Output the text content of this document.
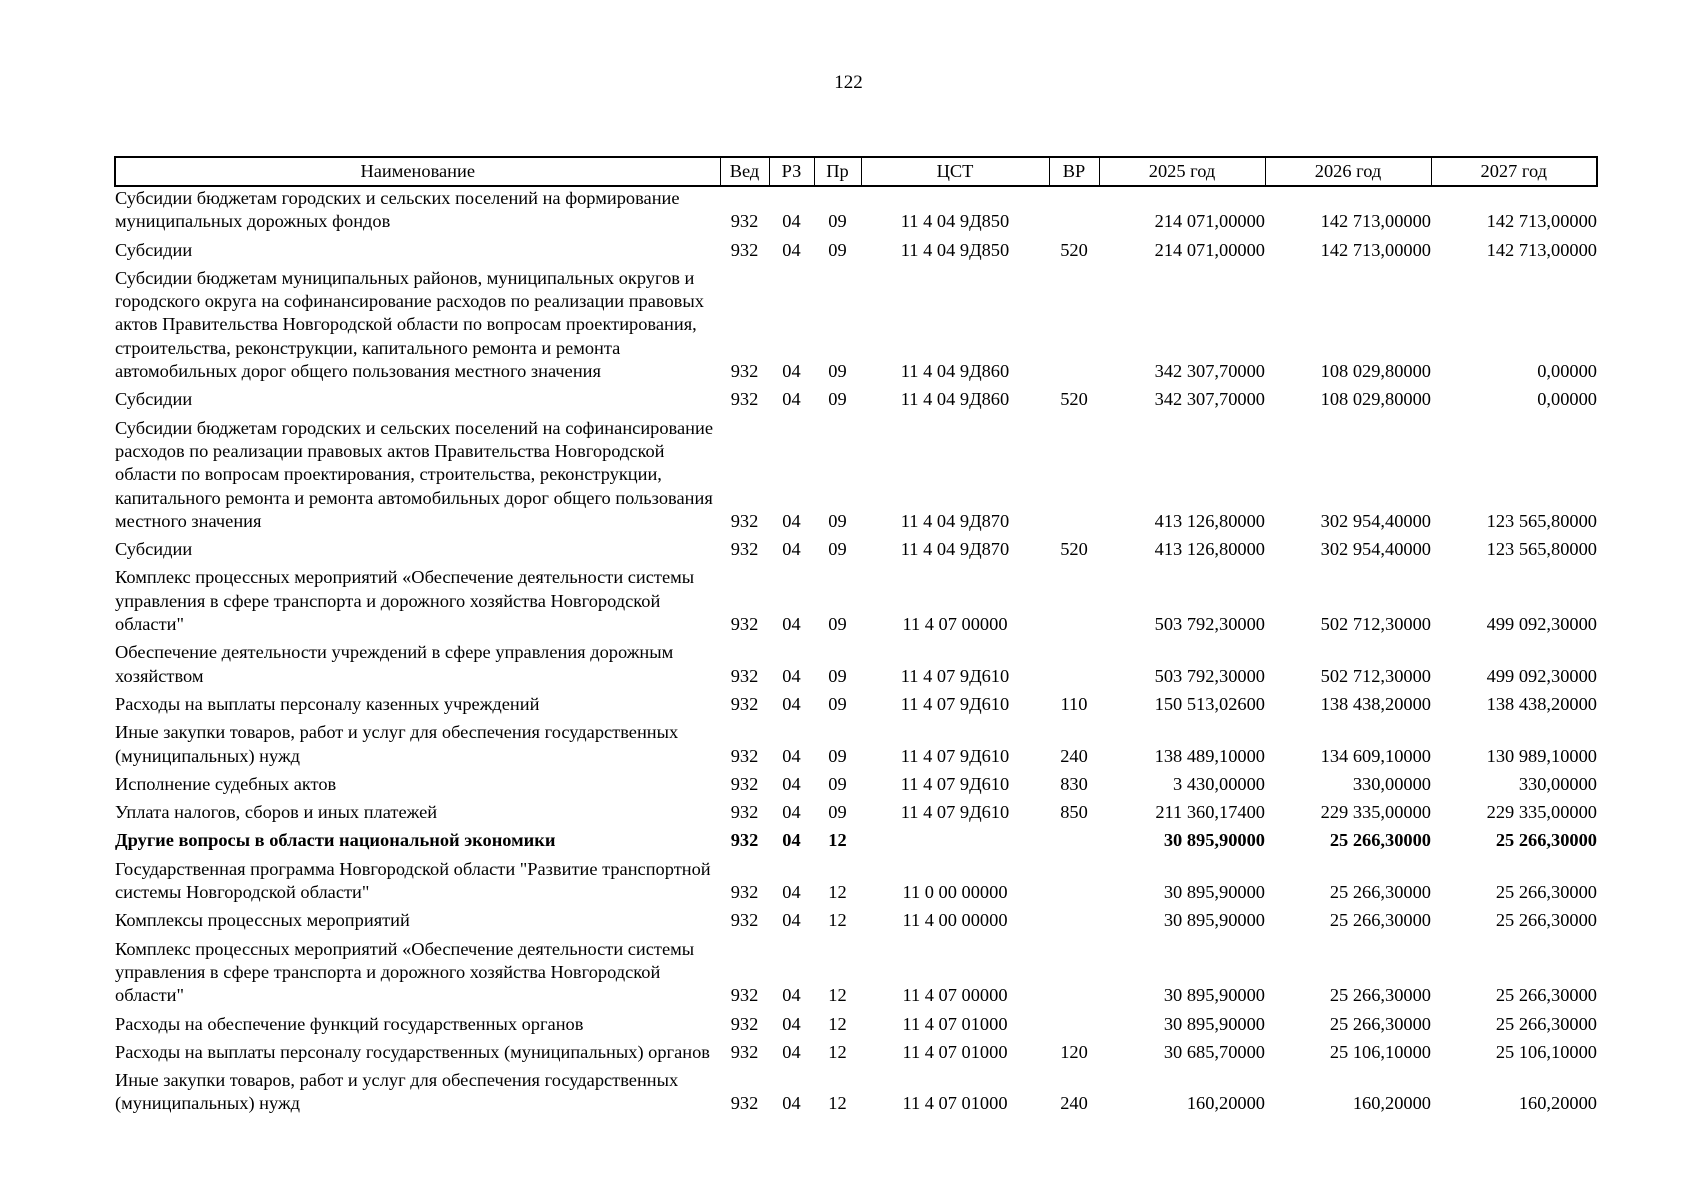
122
Наименование	Вед	РЗ	Пр	ЦСТ	ВР	2025 год	2026 год	2027 год
Субсидии бюджетам городских и сельских поселений на формирование муниципальных дорожных фондов	932	04	09	11 4 04 9Д850		214 071,00000	142 713,00000	142 713,00000
Субсидии	932	04	09	11 4 04 9Д850	520	214 071,00000	142 713,00000	142 713,00000
Субсидии бюджетам муниципальных районов, муниципальных округов и городского округа на софинансирование расходов по реализации правовых актов Правительства Новгородской области по вопросам проектирования, строительства, реконструкции, капитального ремонта и ремонта автомобильных дорог общего пользования местного значения	932	04	09	11 4 04 9Д860		342 307,70000	108 029,80000	0,00000
Субсидии	932	04	09	11 4 04 9Д860	520	342 307,70000	108 029,80000	0,00000
Субсидии бюджетам городских и сельских поселений на софинансирование расходов по реализации правовых актов Правительства Новгородской области по вопросам проектирования, строительства, реконструкции, капитального ремонта и ремонта автомобильных дорог общего пользования местного значения	932	04	09	11 4 04 9Д870		413 126,80000	302 954,40000	123 565,80000
Субсидии	932	04	09	11 4 04 9Д870	520	413 126,80000	302 954,40000	123 565,80000
Комплекс процессных мероприятий «Обеспечение деятельности системы управления в сфере транспорта и дорожного хозяйства Новгородской области"	932	04	09	11 4 07 00000		503 792,30000	502 712,30000	499 092,30000
Обеспечение деятельности учреждений в сфере управления дорожным хозяйством	932	04	09	11 4 07 9Д610		503 792,30000	502 712,30000	499 092,30000
Расходы на выплаты персоналу казенных учреждений	932	04	09	11 4 07 9Д610	110	150 513,02600	138 438,20000	138 438,20000
Иные закупки товаров, работ и услуг для обеспечения государственных (муниципальных) нужд	932	04	09	11 4 07 9Д610	240	138 489,10000	134 609,10000	130 989,10000
Исполнение судебных актов	932	04	09	11 4 07 9Д610	830	3 430,00000	330,00000	330,00000
Уплата налогов, сборов и иных платежей	932	04	09	11 4 07 9Д610	850	211 360,17400	229 335,00000	229 335,00000
Другие вопросы в области национальной экономики	932	04	12			30 895,90000	25 266,30000	25 266,30000
Государственная программа Новгородской области "Развитие транспортной системы Новгородской области"	932	04	12	11 0 00 00000		30 895,90000	25 266,30000	25 266,30000
Комплексы процессных мероприятий	932	04	12	11 4 00 00000		30 895,90000	25 266,30000	25 266,30000
Комплекс процессных мероприятий «Обеспечение деятельности системы управления в сфере транспорта и дорожного хозяйства Новгородской области"	932	04	12	11 4 07 00000		30 895,90000	25 266,30000	25 266,30000
Расходы на обеспечение функций государственных органов	932	04	12	11 4 07 01000		30 895,90000	25 266,30000	25 266,30000
Расходы на выплаты персоналу государственных (муниципальных) органов	932	04	12	11 4 07 01000	120	30 685,70000	25 106,10000	25 106,10000
Иные закупки товаров, работ и услуг для обеспечения государственных (муниципальных) нужд	932	04	12	11 4 07 01000	240	160,20000	160,20000	160,20000
